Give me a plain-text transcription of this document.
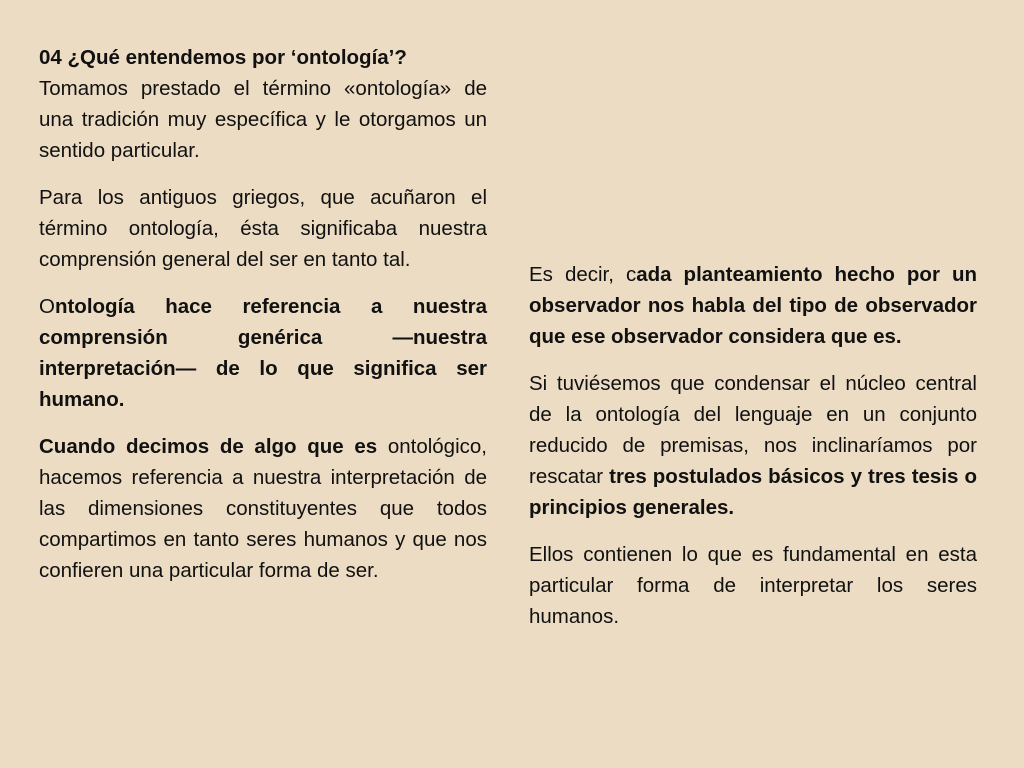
04 ¿Qué entendemos por ‘ontología’?
Tomamos prestado el término «ontología» de una tradición muy específica y le otorgamos un sentido particular.

Para los antiguos griegos, que acuñaron el término ontología, ésta significaba nuestra comprensión general del ser en tanto tal.

Ontología hace referencia a nuestra comprensión genérica —nuestra interpretación— de lo que significa ser humano.

Cuando decimos de algo que es ontológico, hacemos referencia a nuestra interpretación de las dimensiones constituyentes que todos compartimos en tanto seres humanos y que nos confieren una particular forma de ser.

Es decir, cada planteamiento hecho por un observador nos habla del tipo de observador que ese observador considera que es.

Si tuviésemos que condensar el núcleo central de la ontología del lenguaje en un conjunto reducido de premisas, nos inclinaríamos por rescatar tres postulados básicos y tres tesis o principios generales.

Ellos contienen lo que es fundamental en esta particular forma de interpretar los seres humanos.
